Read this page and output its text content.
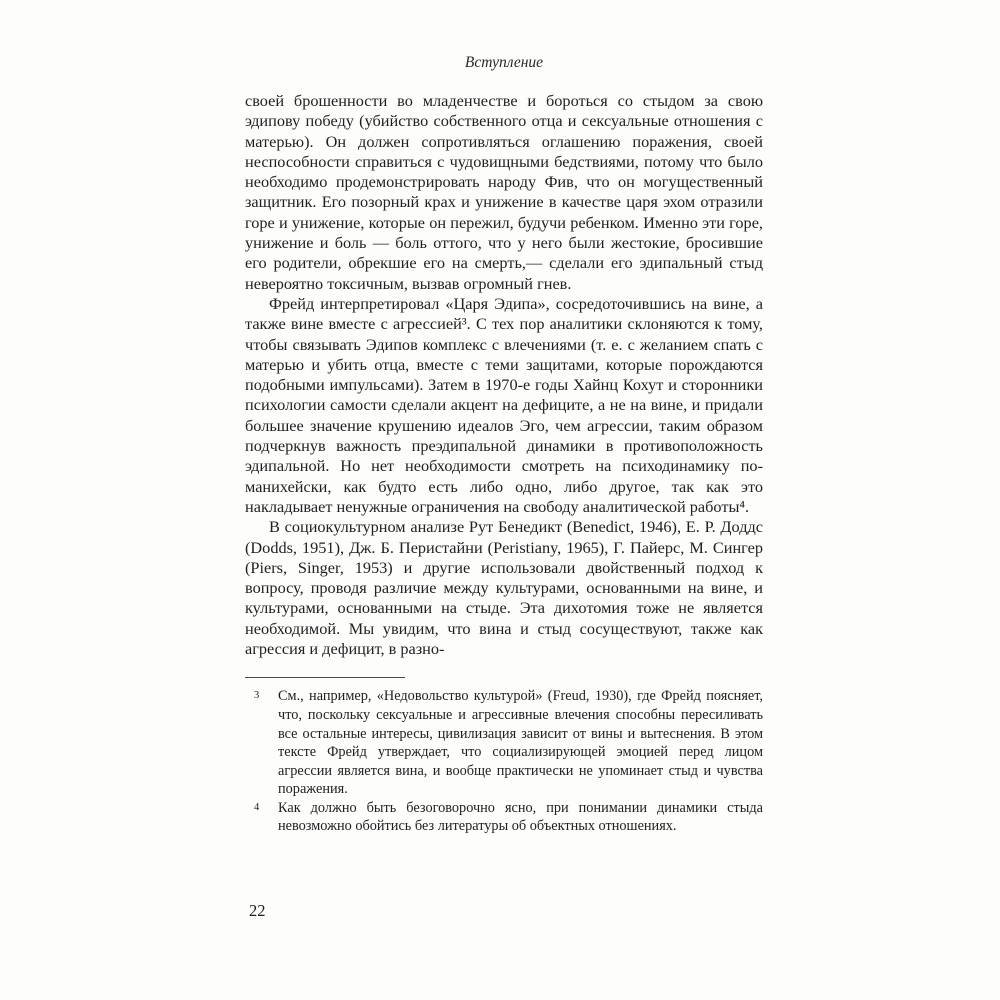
Вступление

своей брошенности во младенчестве и бороться со стыдом за свою эдипову победу (убийство собственного отца и сексуальные отношения с матерью). Он должен сопротивляться оглашению поражения, своей неспособности справиться с чудовищными бедствиями, потому что было необходимо продемонстрировать народу Фив, что он могущественный защитник. Его позорный крах и унижение в качестве царя эхом отразили горе и унижение, которые он пережил, будучи ребенком. Именно эти горе, унижение и боль — боль оттого, что у него были жестокие, бросившие его родители, обрекшие его на смерть,— сделали его эдипальный стыд невероятно токсичным, вызвав огромный гнев.

Фрейд интерпретировал «Царя Эдипа», сосредоточившись на вине, а также вине вместе с агрессией³. С тех пор аналитики склоняются к тому, чтобы связывать Эдипов комплекс с влечениями (т. е. с желанием спать с матерью и убить отца, вместе с теми защитами, которые порождаются подобными импульсами). Затем в 1970-е годы Хайнц Кохут и сторонники психологии самости сделали акцент на дефиците, а не на вине, и придали большее значение крушению идеалов Эго, чем агрессии, таким образом подчеркнув важность преэдипальной динамики в противоположность эдипальной. Но нет необходимости смотреть на психодинамику по-манихейски, как будто есть либо одно, либо другое, так как это накладывает ненужные ограничения на свободу аналитической работы⁴.

В социокультурном анализе Рут Бенедикт (Benedict, 1946), Е. Р. Доддс (Dodds, 1951), Дж. Б. Перистайни (Peristiany, 1965), Г. Пайерс, М. Сингер (Piers, Singer, 1953) и другие использовали двойственный подход к вопросу, проводя различие между культурами, основанными на вине, и культурами, основанными на стыде. Эта дихотомия тоже не является необходимой. Мы увидим, что вина и стыд сосуществуют, также как агрессия и дефицит, в разно-

3	См., например, «Недовольство культурой» (Freud, 1930), где Фрейд поясняет, что, поскольку сексуальные и агрессивные влечения способны пересиливать все остальные интересы, цивилизация зависит от вины и вытеснения. В этом тексте Фрейд утверждает, что социализирующей эмоцией перед лицом агрессии является вина, и вообще практически не упоминает стыд и чувства поражения.
4	Как должно быть безоговорочно ясно, при понимании динамики стыда невозможно обойтись без литературы об объектных отношениях.
22
